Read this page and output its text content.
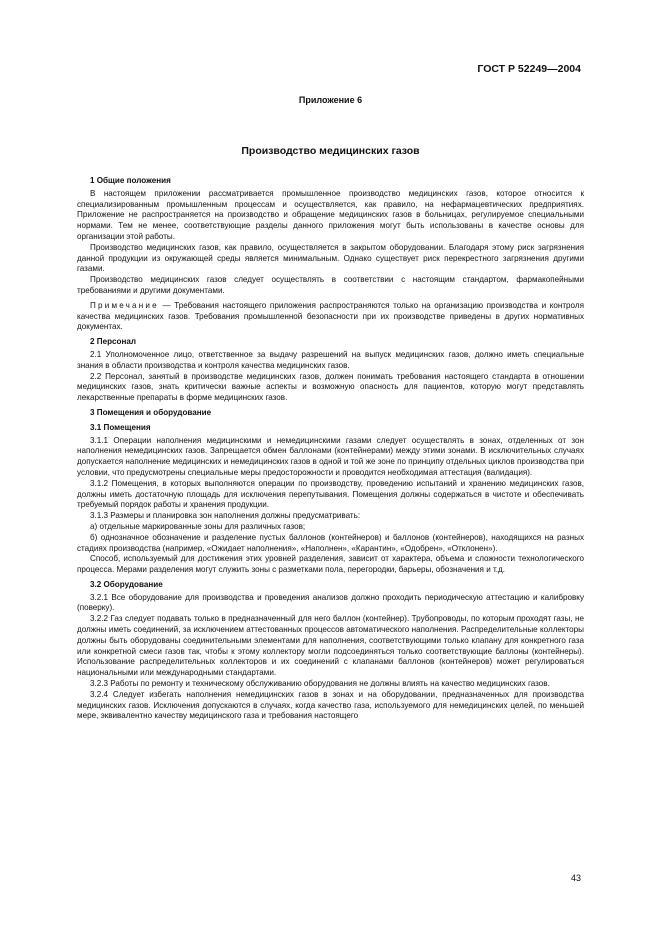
ГОСТ Р 52249—2004
Приложение 6
Производство медицинских газов
1 Общие положения

В настоящем приложении рассматривается промышленное производство медицинских газов, которое относится к специализированным промышленным процессам и осуществляется, как правило, на нефармацевтических предприятиях. Приложение не распространяется на производство и обращение медицинских газов в больницах, регулируемое специальными нормами. Тем не менее, соответствующие разделы данного приложения могут быть использованы в качестве основы для организации этой работы.

Производство медицинских газов, как правило, осуществляется в закрытом оборудовании. Благодаря этому риск загрязнения данной продукции из окружающей среды является минимальным. Однако существует риск перекрестного загрязнения другими газами.

Производство медицинских газов следует осуществлять в соответствии с настоящим стандартом, фармакопейными требованиями и другими документами.

Примечание — Требования настоящего приложения распространяются только на организацию производства и контроля качества медицинских газов. Требования промышленной безопасности при их производстве приведены в других нормативных документах.

2 Персонал

2.1 Уполномоченное лицо, ответственное за выдачу разрешений на выпуск медицинских газов, должно иметь специальные знания в области производства и контроля качества медицинских газов.

2.2 Персонал, занятый в производстве медицинских газов, должен понимать требования настоящего стандарта в отношении медицинских газов, знать критически важные аспекты и возможную опасность для пациентов, которую могут представлять лекарственные препараты в форме медицинских газов.

3 Помещения и оборудование
3.1 Помещения

3.1.1 Операции наполнения медицинскими и немедицинскими газами следует осуществлять в зонах, отделенных от зон наполнения немедицинских газов. Запрещается обмен баллонами (контейнерами) между этими зонами. В исключительных случаях допускается наполнение медицинских и немедицинских газов в одной и той же зоне по принципу отдельных циклов производства при условии, что предусмотрены специальные меры предосторожности и проводится необходимая аттестация (валидация).

3.1.2 Помещения, в которых выполняются операции по производству, проведению испытаний и хранению медицинских газов, должны иметь достаточную площадь для исключения перепутывания. Помещения должны содержаться в чистоте и обеспечивать требуемый порядок работы и хранения продукции.

3.1.3 Размеры и планировка зон наполнения должны предусматривать:

а) отдельные маркированные зоны для различных газов;

б) однозначное обозначение и разделение пустых баллонов (контейнеров) и баллонов (контейнеров), находящихся на разных стадиях производства (например, «Ожидает наполнения», «Наполнен», «Карантин», «Одобрен», «Отклонен»).

Способ, используемый для достижения этих уровней разделения, зависит от характера, объема и сложности технологического процесса. Мерами разделения могут служить зоны с разметками пола, перегородки, барьеры, обозначения и т.д.

3.2 Оборудование

3.2.1 Все оборудование для производства и проведения анализов должно проходить периодическую аттестацию и калибровку (поверку).

3.2.2 Газ следует подавать только в предназначенный для него баллон (контейнер). Трубопроводы, по которым проходят газы, не должны иметь соединений, за исключением аттестованных процессов автоматического наполнения. Распределительные коллекторы должны быть оборудованы соединительными элементами для наполнения, соответствующими только клапану для конкретного газа или конкретной смеси газов так, чтобы к этому коллектору могли подсоединяться только соответствующие баллоны (контейнеры). Использование распределительных коллекторов и их соединений с клапанами баллонов (контейнеров) может регулироваться национальными или международными стандартами.

3.2.3 Работы по ремонту и техническому обслуживанию оборудования не должны влиять на качество медицинских газов.

3.2.4 Следует избегать наполнения немедицинских газов в зонах и на оборудовании, предназначенных для производства медицинских газов. Исключения допускаются в случаях, когда качество газа, используемого для немедицинских целей, по меньшей мере, эквивалентно качеству медицинского газа и требования настоящего

43
